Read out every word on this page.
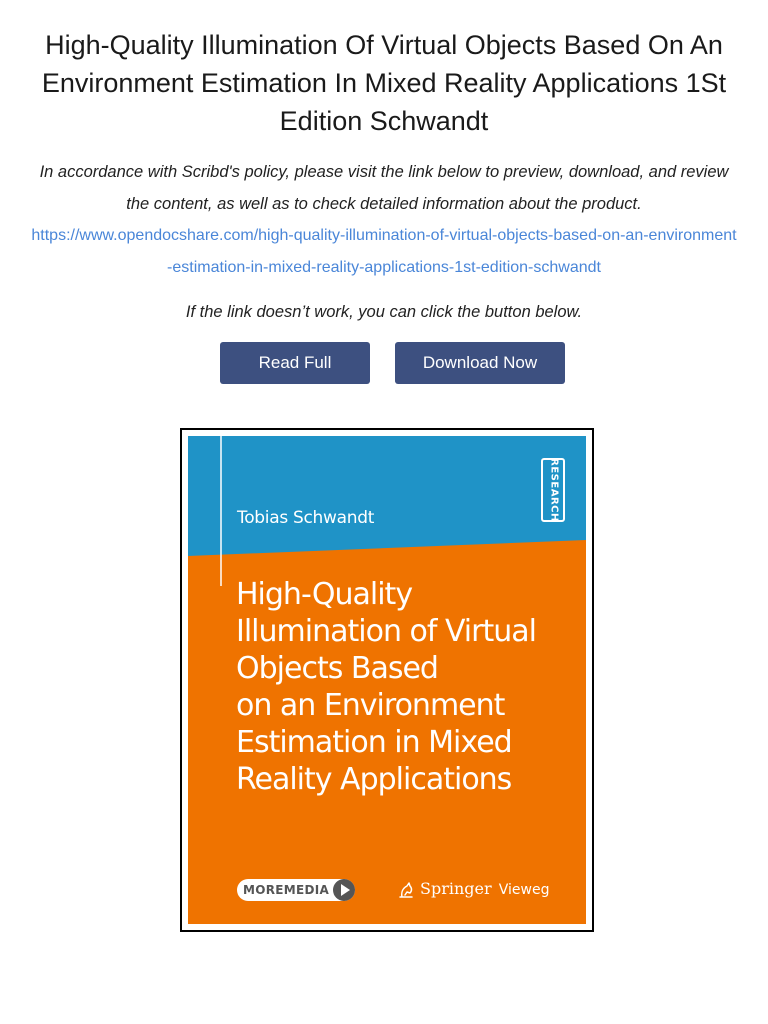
High-Quality Illumination Of Virtual Objects Based On An Environment Estimation In Mixed Reality Applications 1St Edition Schwandt

In accordance with Scribd's policy, please visit the link below to preview, download, and review the content, as well as to check detailed information about the product.

https://www.opendocshare.com/high-quality-illumination-of-virtual-objects-based-on-an-environment-estimation-in-mixed-reality-applications-1st-edition-schwandt

If the link doesn’t work, you can click the button below.

Read Full	Download Now
Tobias Schwandt	RESEARCH
High-Quality
Illumination of Virtual
Objects Based
on an Environment
Estimation in Mixed
Reality Applications
MOREMEDIA	Springer Vieweg
